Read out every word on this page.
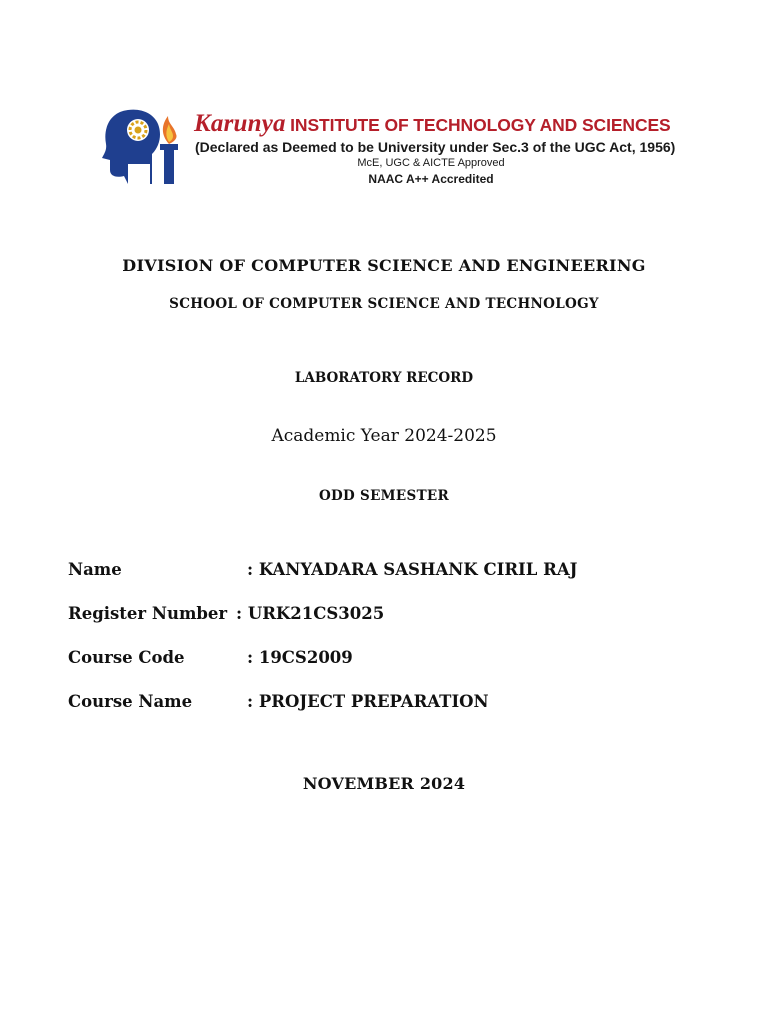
Karunya INSTITUTE OF TECHNOLOGY AND SCIENCES
(Declared as Deemed to be University under Sec.3 of the UGC Act, 1956)
McE, UGC & AICTE Approved
NAAC A++ Accredited
DIVISION OF COMPUTER SCIENCE AND ENGINEERING
SCHOOL OF COMPUTER SCIENCE AND TECHNOLOGY
LABORATORY RECORD
Academic Year 2024-2025
ODD SEMESTER
Name	: KANYADARA SASHANK CIRIL RAJ
Register Number : URK21CS3025
Course Code	: 19CS2009
Course Name	: PROJECT PREPARATION
NOVEMBER 2024
